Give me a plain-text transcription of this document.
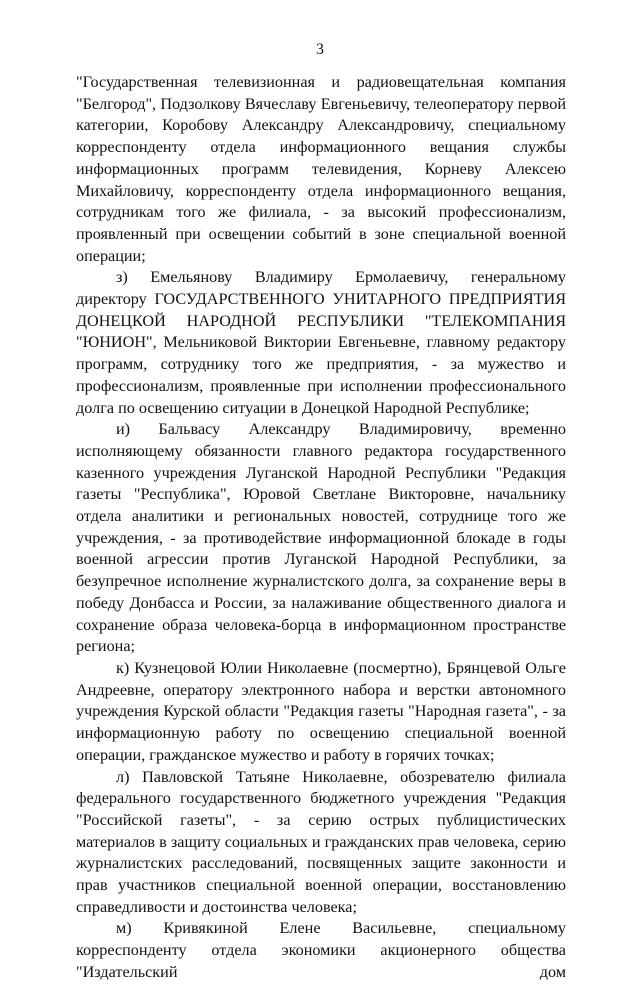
3

"Государственная телевизионная и радиовещательная компания "Белгород", Подзолкову Вячеславу Евгеньевичу, телеоператору первой категории, Коробову Александру Александровичу, специальному корреспонденту отдела информационного вещания службы информационных программ телевидения, Корневу Алексею Михайловичу, корреспонденту отдела информационного вещания, сотрудникам того же филиала, - за высокий профессионализм, проявленный при освещении событий в зоне специальной военной операции;

з) Емельянову Владимиру Ермолаевичу, генеральному директору ГОСУДАРСТВЕННОГО УНИТАРНОГО ПРЕДПРИЯТИЯ ДОНЕЦКОЙ НАРОДНОЙ РЕСПУБЛИКИ "ТЕЛЕКОМПАНИЯ "ЮНИОН", Мельниковой Виктории Евгеньевне, главному редактору программ, сотруднику того же предприятия, - за мужество и профессионализм, проявленные при исполнении профессионального долга по освещению ситуации в Донецкой Народной Республике;

и) Бальвасу Александру Владимировичу, временно исполняющему обязанности главного редактора государственного казенного учреждения Луганской Народной Республики "Редакция газеты "Республика", Юровой Светлане Викторовне, начальнику отдела аналитики и региональных новостей, сотруднице того же учреждения, - за противодействие информационной блокаде в годы военной агрессии против Луганской Народной Республики, за безупречное исполнение журналистского долга, за сохранение веры в победу Донбасса и России, за налаживание общественного диалога и сохранение образа человека-борца в информационном пространстве региона;

к) Кузнецовой Юлии Николаевне (посмертно), Брянцевой Ольге Андреевне, оператору электронного набора и верстки автономного учреждения Курской области "Редакция газеты "Народная газета", - за информационную работу по освещению специальной военной операции, гражданское мужество и работу в горячих точках;

л) Павловской Татьяне Николаевне, обозревателю филиала федерального государственного бюджетного учреждения "Редакция "Российской газеты", - за серию острых публицистических материалов в защиту социальных и гражданских прав человека, серию журналистских расследований, посвященных защите законности и прав участников специальной военной операции, восстановлению справедливости и достоинства человека;

м) Кривякиной Елене Васильевне, специальному корреспонденту отдела экономики акционерного общества "Издательский дом
